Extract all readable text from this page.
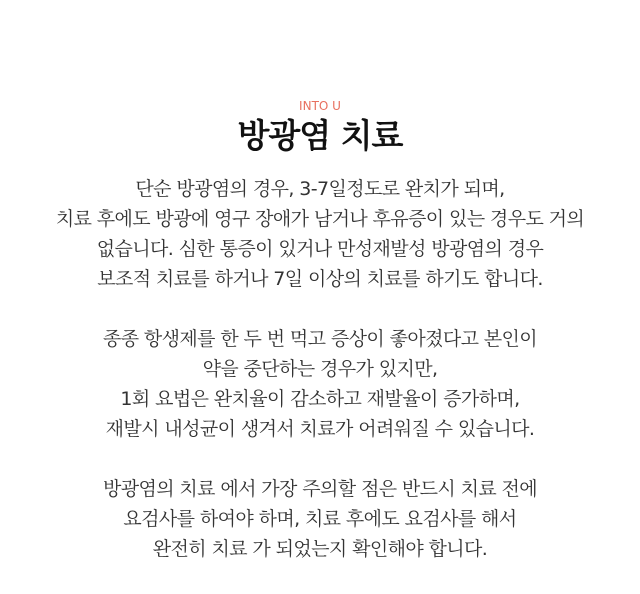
INTO U
방광염 치료

단순 방광염의 경우, 3-7일정도로 완치가 되며,
치료 후에도 방광에 영구 장애가 남거나 후유증이 있는 경우도 거의
없습니다. 심한 통증이 있거나 만성재발성 방광염의 경우
보조적 치료를 하거나 7일 이상의 치료를 하기도 합니다.

종종 항생제를 한 두 번 먹고 증상이 좋아졌다고 본인이
약을 중단하는 경우가 있지만,
1회 요법은 완치율이 감소하고 재발율이 증가하며,
재발시 내성균이 생겨서 치료가 어려워질 수 있습니다.

방광염의 치료 에서 가장 주의할 점은 반드시 치료 전에
요검사를 하여야 하며, 치료 후에도 요검사를 해서
완전히 치료 가 되었는지 확인해야 합니다.
